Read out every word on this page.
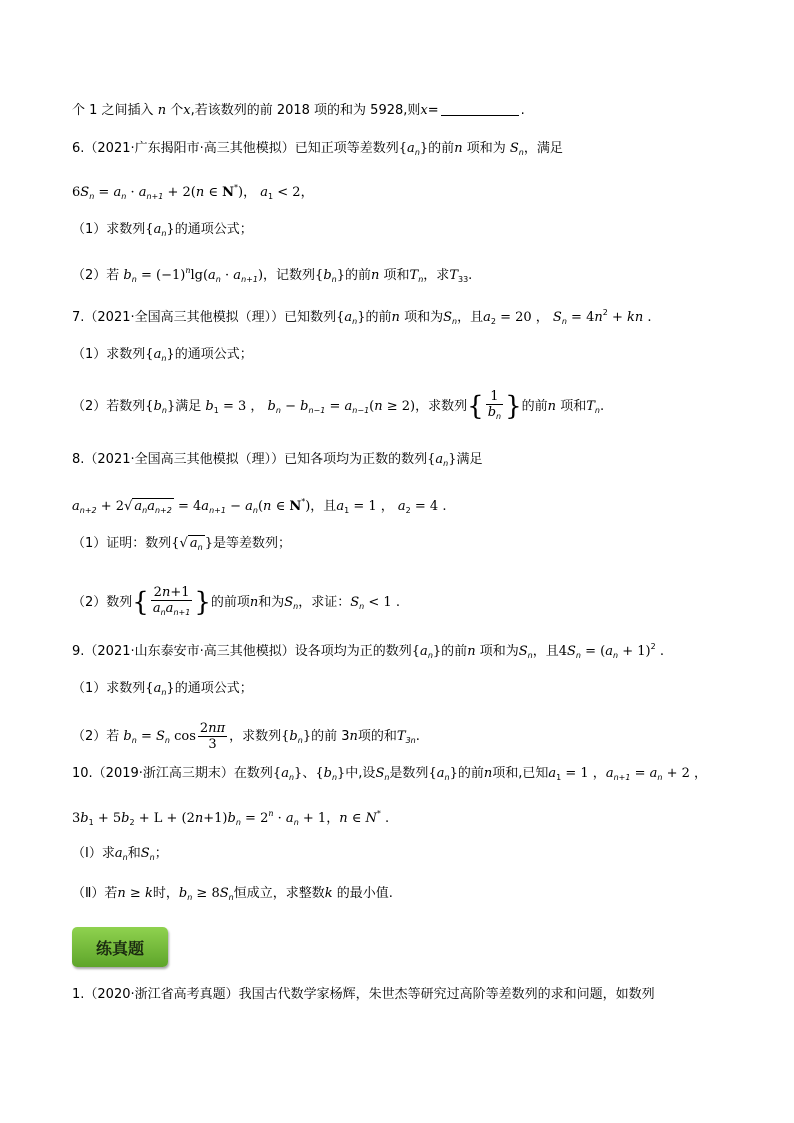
个 1 之间插入 n 个x,若该数列的前 2018 项的和为 5928,则x=	.
6.（2021·广东揭阳市·高三其他模拟）已知正项等差数列$\{a_n\}$的前n 项和为 $S_n$，满足
$6S_n = a_n \cdot a_{n+1} + 2(n$ ∈ N*)， $a_1 < 2$，
（1）求数列$\{a_n\}$的通项公式；
（2）若 $b_n = (-1)^n\lg(a_n \cdot a_{n+1})$，记数列$\{b_n\}$的前n 项和$T_n$，求$T_{33}$.
7.（2021·全国高三其他模拟（理））已知数列$\{a_n\}$的前n 项和为$S_n$，且$a_2 = 20$ ， $S_n = 4n^2$ + kn .
（1）求数列$\{a_n\}$的通项公式；
（2）若数列$\{b_n\}$满足 $b_1 = 3$ ， $b_n - b_{n-1} = a_{n-1}(n \ge 2)$，求数列{ $\frac{1}{b_n}$ }的前n 项和$T_n$.
8.（2021·全国高三其他模拟（理））已知各项均为正数的数列$\{a_n\}$满足
$a_{n+2} + 2√$ $a_na_{n+2} = 4a_{n+1} - a_n(n$ ∈ N*)，且$a_1 = 1$ ， $a_2 = 4$ .
（1）证明：数列{√ $a_n$ }是等差数列；
（2）数列{ $\frac{2n+1}{a_na_{n+1}}$ }的前项n和为$S_n$，求证：$S_n < 1$ .
9.（2021·山东泰安市·高三其他模拟）设各项均为正的数列$\{a_n\}$的前n 项和为$S_n$，且$4S_n = (a_n + 1)^2$ .
（1）求数列$\{a_n\}$的通项公式；
（2）若 $b_n = S_n$ $\cos \frac{2n\pi}{3}$ ，求数列$\{b_n\}$的前 3n项的和$T_{3n}$.
10.（2019·浙江高三期末）在数列$\{a_n\}$、$\{b_n\}$中,设$S_n$是数列$\{a_n\}$的前n项和,已知$a_1 = 1$ ，$a_{n+1} = a_n + 2$ ，
$3b_1 + 5b_2 + L + (2n+1)b_n = 2^n \cdot a_n + 1$，n ∈ N* .
（Ⅰ）求$a_n$和$S_n$；
（Ⅱ）若n ≥ k时，$b_n \ge 8S_n$恒成立，求整数k 的最小值.
练真题
1.（2020·浙江省高考真题）我国古代数学家杨辉，朱世杰等研究过高阶等差数列的求和问题，如数列
